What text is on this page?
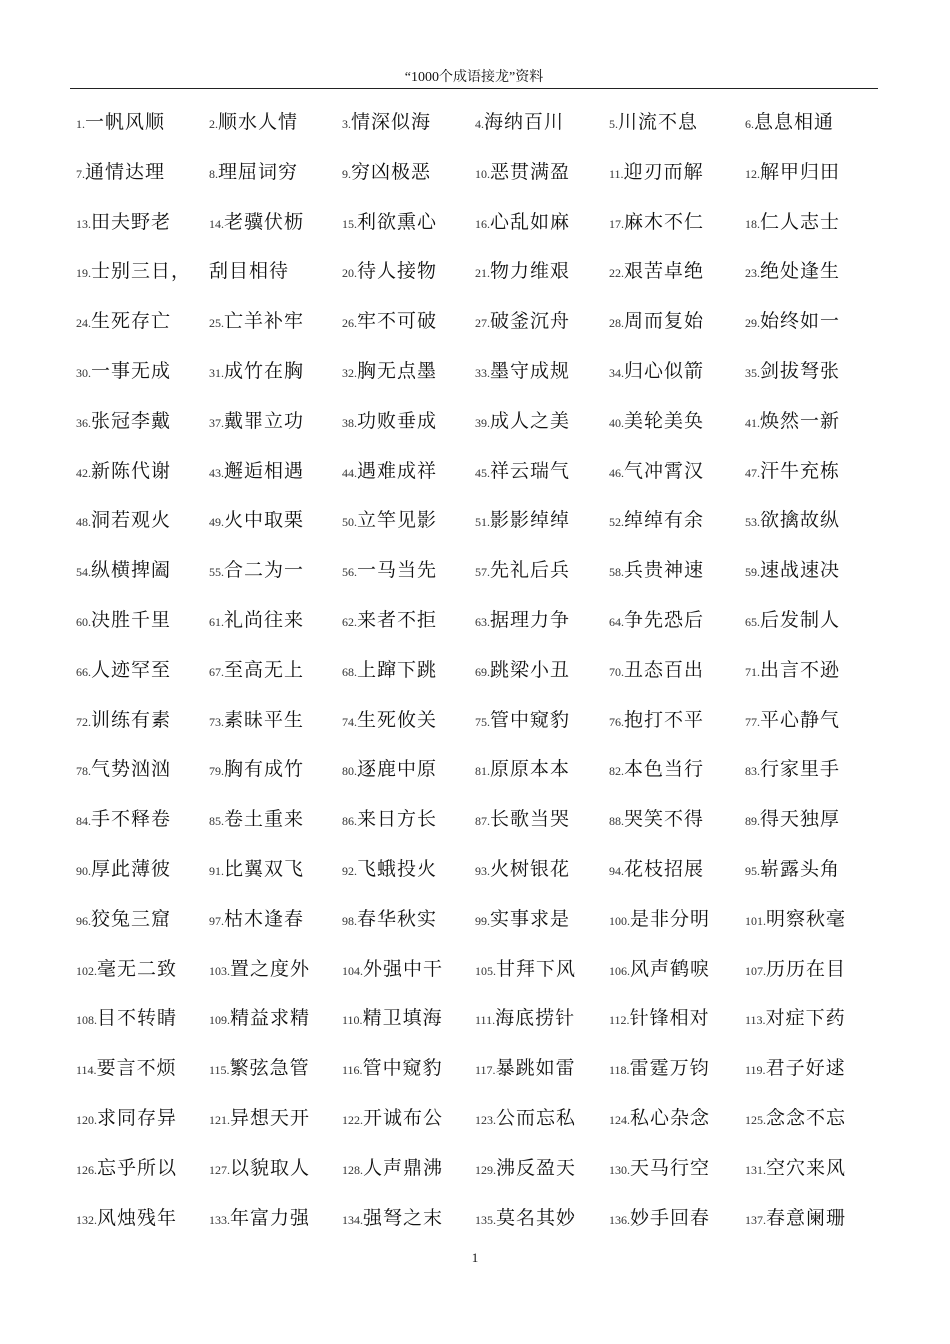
“1000个成语接龙”资料
1.一帆风顺	2.顺水人情	3.情深似海	4.海纳百川	5.川流不息	6.息息相通
7.通情达理	8.理屈词穷	9.穷凶极恶	10.恶贯满盈	11.迎刃而解	12.解甲归田
13.田夫野老	14.老骥伏枥	15.利欲熏心	16.心乱如麻	17.麻木不仁	18.仁人志士
19.士别三日， 刮目相待	20.待人接物	21.物力维艰	22.艰苦卓绝	23.绝处逢生
24.生死存亡	25.亡羊补牢	26.牢不可破	27.破釜沉舟	28.周而复始	29.始终如一
30.一事无成	31.成竹在胸	32.胸无点墨	33.墨守成规	34.归心似箭	35.剑拔弩张
36.张冠李戴	37.戴罪立功	38.功败垂成	39.成人之美	40.美轮美奂	41.焕然一新
42.新陈代谢	43.邂逅相遇	44.遇难成祥	45.祥云瑞气	46.气冲霄汉	47.汗牛充栋
48.洞若观火	49.火中取栗	50.立竿见影	51.影影绰绰	52.绰绰有余	53.欲擒故纵
54.纵横捭阖	55.合二为一	56.一马当先	57.先礼后兵	58.兵贵神速	59.速战速决
60.决胜千里	61.礼尚往来	62.来者不拒	63.据理力争	64.争先恐后	65.后发制人
66.人迹罕至	67.至高无上	68.上蹿下跳	69.跳梁小丑	70.丑态百出	71.出言不逊
72.训练有素	73.素昧平生	74.生死攸关	75.管中窥豹	76.抱打不平	77.平心静气
78.气势汹汹	79.胸有成竹	80.逐鹿中原	81.原原本本	82.本色当行	83.行家里手
84.手不释卷	85.卷土重来	86.来日方长	87.长歌当哭	88.哭笑不得	89.得天独厚
90.厚此薄彼	91.比翼双飞	92.飞蛾投火	93.火树银花	94.花枝招展	95.崭露头角
96.狡兔三窟	97.枯木逢春	98.春华秋实	99.实事求是	100.是非分明	101.明察秋毫
102.毫无二致	103.置之度外	104.外强中干	105.甘拜下风	106.风声鹤唳	107.历历在目
108.目不转睛	109.精益求精	110.精卫填海	111.海底捞针	112.针锋相对	113.对症下药
114.要言不烦	115.繁弦急管	116.管中窥豹	117.暴跳如雷	118.雷霆万钧	119.君子好逑
120.求同存异	121.异想天开	122.开诚布公	123.公而忘私	124.私心杂念	125.念念不忘
126.忘乎所以	127.以貌取人	128.人声鼎沸	129.沸反盈天	130.天马行空	131.空穴来风
132.风烛残年	133.年富力强	134.强弩之末	135.莫名其妙	136.妙手回春	137.春意阑珊
1
